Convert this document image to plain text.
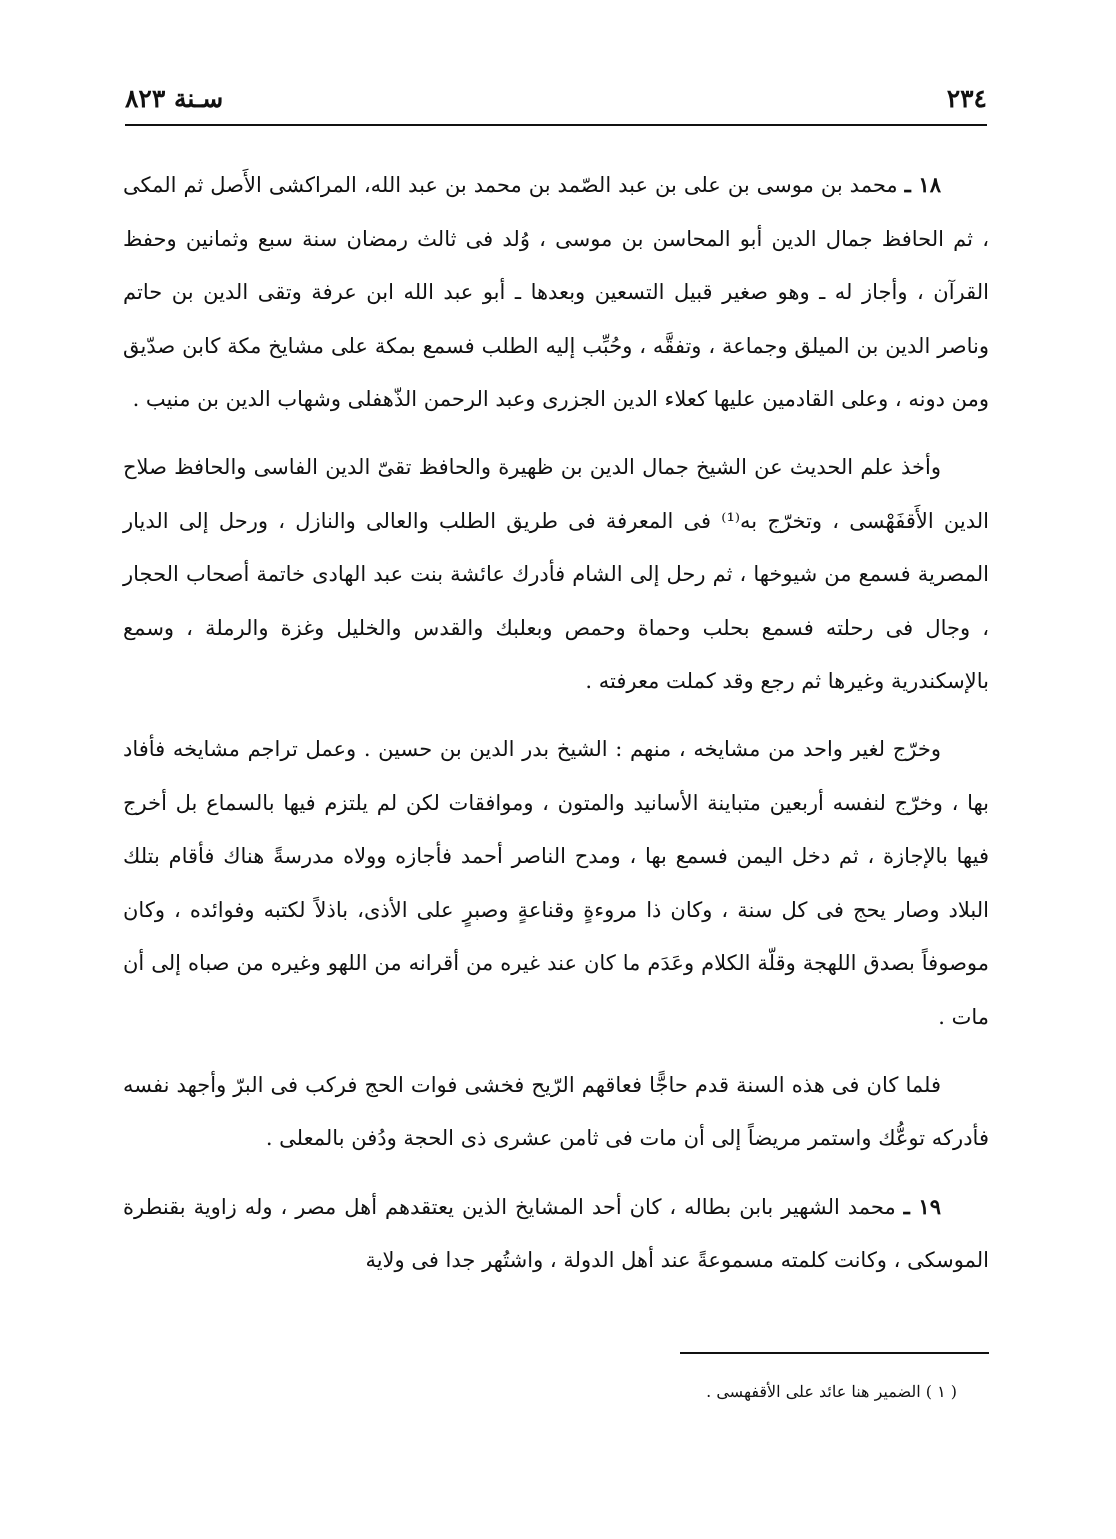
٢٣٤
سـنة ٨٢٣

١٨ ـ محمد بن موسى بن على بن عبد الصّمد بن محمد بن عبد الله، المراكشى الأَصل ثم المكى ، ثم الحافظ جمال الدين أبو المحاسن بن موسى ، وُلد فى ثالث رمضان سنة سبع وثمانين وحفظ القرآن ، وأجاز له ـ وهو صغير قبيل التسعين وبعدها ـ أبو عبد الله ابن عرفة وتقى الدين بن حاتم وناصر الدين بن الميلق وجماعة ، وتفقَّه ، وحُبِّب إليه الطلب فسمع بمكة على مشايخ مكة كابن صدّيق ومن دونه ، وعلى القادمين عليها كعلاء الدين الجزرى وعبد الرحمن الذّهفلى وشهاب الدين بن منيب .

وأخذ علم الحديث عن الشيخ جمال الدين بن ظهيرة والحافظ تقىّ الدين الفاسى والحافظ صلاح الدين الأَقفَهْسى ، وتخرّج به⁽¹⁾ فى المعرفة فى طريق الطلب والعالى والنازل ، ورحل إلى الديار المصرية فسمع من شيوخها ، ثم رحل إلى الشام فأدرك عائشة بنت عبد الهادى خاتمة أصحاب الحجار ، وجال فى رحلته فسمع بحلب وحماة وحمص وبعلبك والقدس والخليل وغزة والرملة ، وسمع بالإسكندرية وغيرها ثم رجع وقد كملت معرفته .

وخرّج لغير واحد من مشايخه ، منهم : الشيخ بدر الدين بن حسين . وعمل تراجم مشايخه فأفاد بها ، وخرّج لنفسه أربعين متباينة الأسانيد والمتون ، وموافقات لكن لم يلتزم فيها بالسماع بل أخرج فيها بالإجازة ، ثم دخل اليمن فسمع بها ، ومدح الناصر أحمد فأجازه وولاه مدرسةً هناك فأقام بتلك البلاد وصار يحج فى كل سنة ، وكان ذا مروءةٍ وقناعةٍ وصبرٍ على الأذى، باذلاً لكتبه وفوائده ، وكان موصوفاً بصدق اللهجة وقلّة الكلام وعَدَم ما كان عند غيره من أقرانه من اللهو وغيره من صباه إلى أن مات .

فلما كان فى هذه السنة قدم حاجًّا فعاقهم الرّيح فخشى فوات الحج فركب فى البرّ وأجهد نفسه فأدركه توعُّك واستمر مريضاً إلى أن مات فى ثامن عشرى ذى الحجة ودُفن بالمعلى .

١٩ ـ محمد الشهير بابن بطاله ، كان أحد المشايخ الذين يعتقدهم أهل مصر ، وله زاوية بقنطرة الموسكى ، وكانت كلمته مسموعةً عند أهل الدولة ، واشتُهر جدا فى ولاية

( ١ ) الضمير هنا عائد على الأقفهسى .
